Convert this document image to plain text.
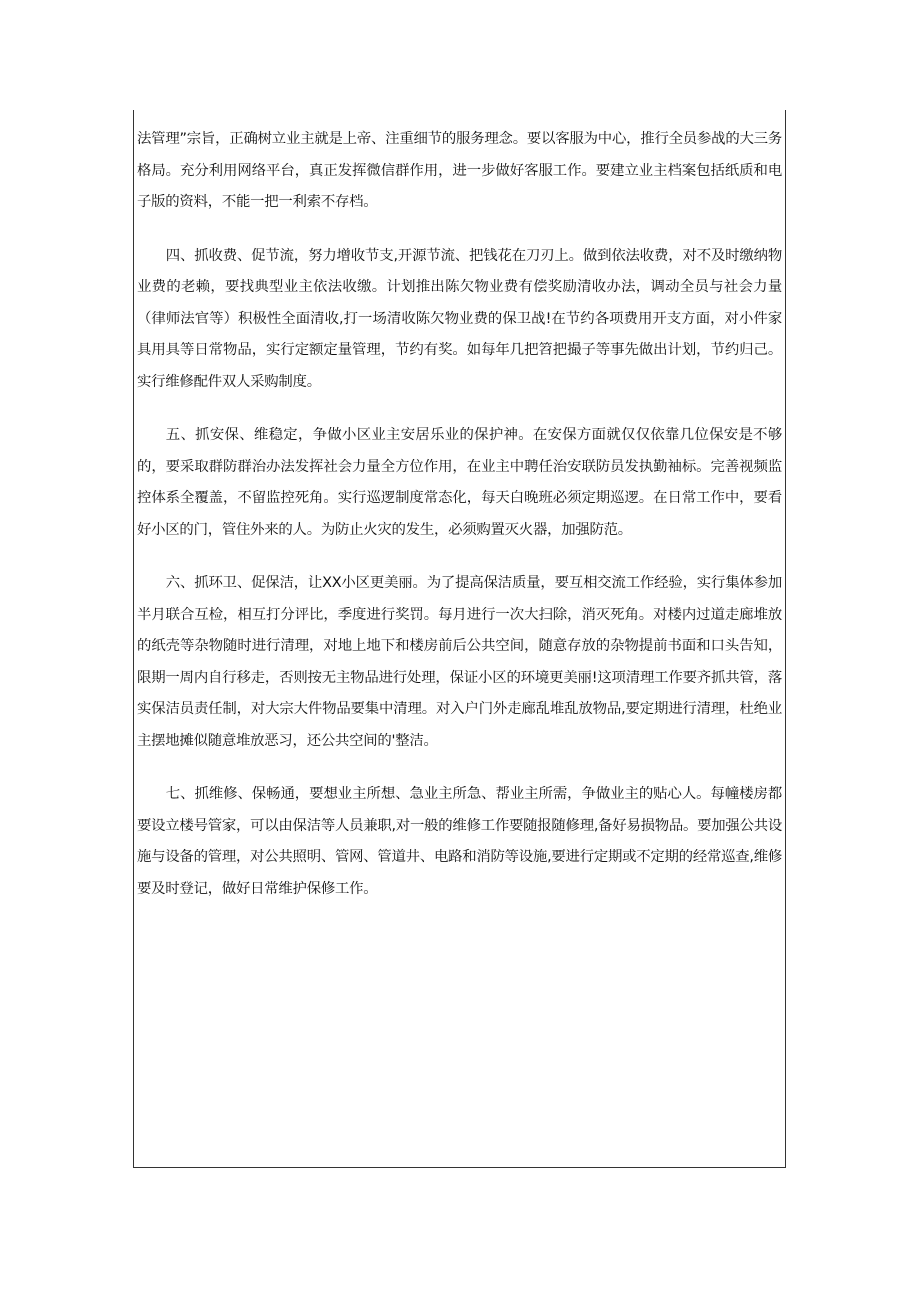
法管理”宗旨，正确树立业主就是上帝、注重细节的服务理念。要以客服为中心，推行全员参战的大三务格局。充分利用网络平台，真正发挥微信群作用，进一步做好客服工作。要建立业主档案包括纸质和电子版的资料，不能一把一利索不存档。

四、抓收费、促节流，努力增收节支,开源节流、把钱花在刀刃上。做到依法收费，对不及时缴纳物业费的老赖，要找典型业主依法收缴。计划推出陈欠物业费有偿奖励清收办法，调动全员与社会力量（律师法官等）积极性全面清收,打一场清收陈欠物业费的保卫战!在节约各项费用开支方面，对小件家具用具等日常物品，实行定额定量管理，节约有奖。如每年几把笤把撮子等事先做出计划，节约归己。实行维修配件双人采购制度。

五、抓安保、维稳定，争做小区业主安居乐业的保护神。在安保方面就仅仅依靠几位保安是不够的，要采取群防群治办法发挥社会力量全方位作用，在业主中聘任治安联防员发执勤袖标。完善视频监控体系全覆盖，不留监控死角。实行巡逻制度常态化，每天白晚班必须定期巡逻。在日常工作中，要看好小区的门，管住外来的人。为防止火灾的发生，必须购置灭火器，加强防范。

六、抓环卫、促保洁，让XX小区更美丽。为了提高保洁质量，要互相交流工作经验，实行集体参加半月联合互检，相互打分评比，季度进行奖罚。每月进行一次大扫除，消灭死角。对楼内过道走廊堆放的纸壳等杂物随时进行清理，对地上地下和楼房前后公共空间，随意存放的杂物提前书面和口头告知，限期一周内自行移走，否则按无主物品进行处理，保证小区的环境更美丽!这项清理工作要齐抓共管，落实保洁员责任制，对大宗大件物品要集中清理。对入户门外走廊乱堆乱放物品,要定期进行清理，杜绝业主摆地摊似随意堆放恶习，还公共空间的'整洁。

七、抓维修、保畅通，要想业主所想、急业主所急、帮业主所需，争做业主的贴心人。每幢楼房都要设立楼号管家，可以由保洁等人员兼职,对一般的维修工作要随报随修理,备好易损物品。要加强公共设施与设备的管理，对公共照明、管网、管道井、电路和消防等设施,要进行定期或不定期的经常巡查,维修要及时登记，做好日常维护保修工作。
